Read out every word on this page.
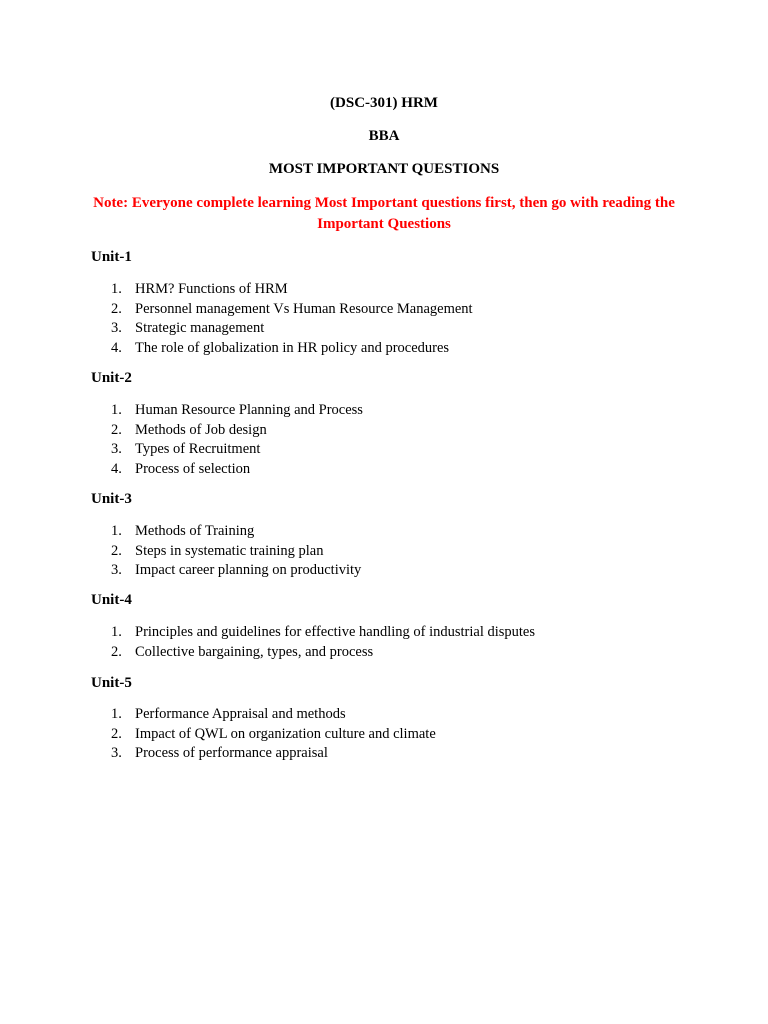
(DSC-301) HRM
BBA
MOST IMPORTANT QUESTIONS
Note: Everyone complete learning Most Important questions first, then go with reading the Important Questions
Unit-1
1. HRM? Functions of HRM
2. Personnel management Vs Human Resource Management
3. Strategic management
4. The role of globalization in HR policy and procedures
Unit-2
1. Human Resource Planning and Process
2. Methods of Job design
3. Types of Recruitment
4. Process of selection
Unit-3
1. Methods of Training
2. Steps in systematic training plan
3. Impact career planning on productivity
Unit-4
1. Principles and guidelines for effective handling of industrial disputes
2. Collective bargaining, types, and process
Unit-5
1. Performance Appraisal and methods
2. Impact of QWL on organization culture and climate
3. Process of performance appraisal
